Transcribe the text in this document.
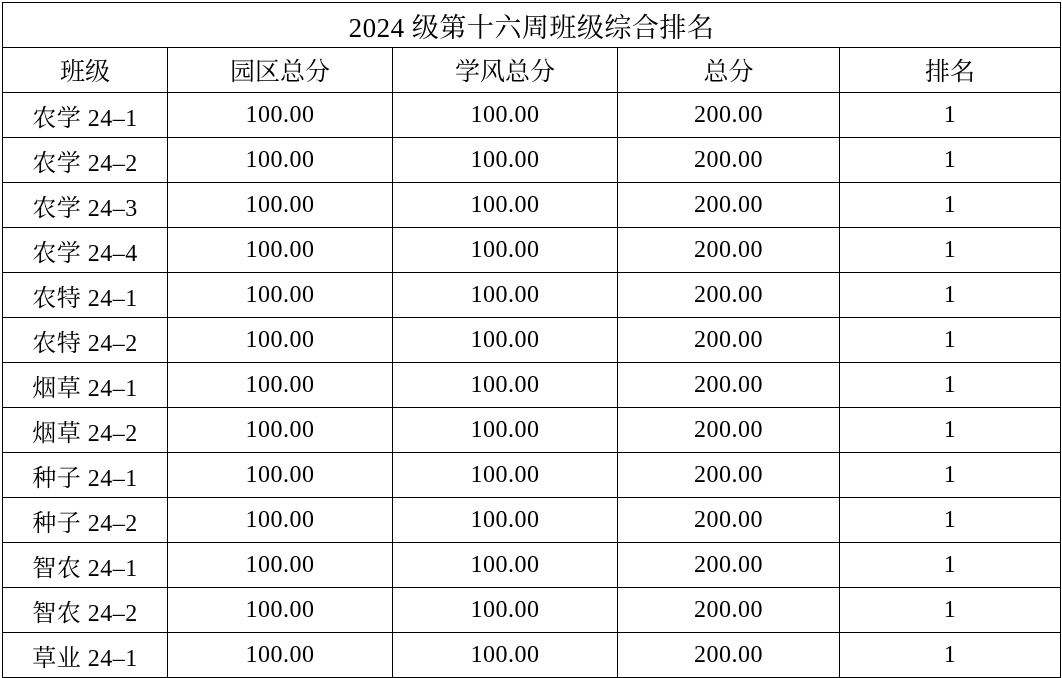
2024 级第十六周班级综合排名				
班级	园区总分	学风总分	总分	排名
农学 24–1	100.00	100.00	200.00	1
农学 24–2	100.00	100.00	200.00	1
农学 24–3	100.00	100.00	200.00	1
农学 24–4	100.00	100.00	200.00	1
农特 24–1	100.00	100.00	200.00	1
农特 24–2	100.00	100.00	200.00	1
烟草 24–1	100.00	100.00	200.00	1
烟草 24–2	100.00	100.00	200.00	1
种子 24–1	100.00	100.00	200.00	1
种子 24–2	100.00	100.00	200.00	1
智农 24–1	100.00	100.00	200.00	1
智农 24–2	100.00	100.00	200.00	1
草业 24–1	100.00	100.00	200.00	1
